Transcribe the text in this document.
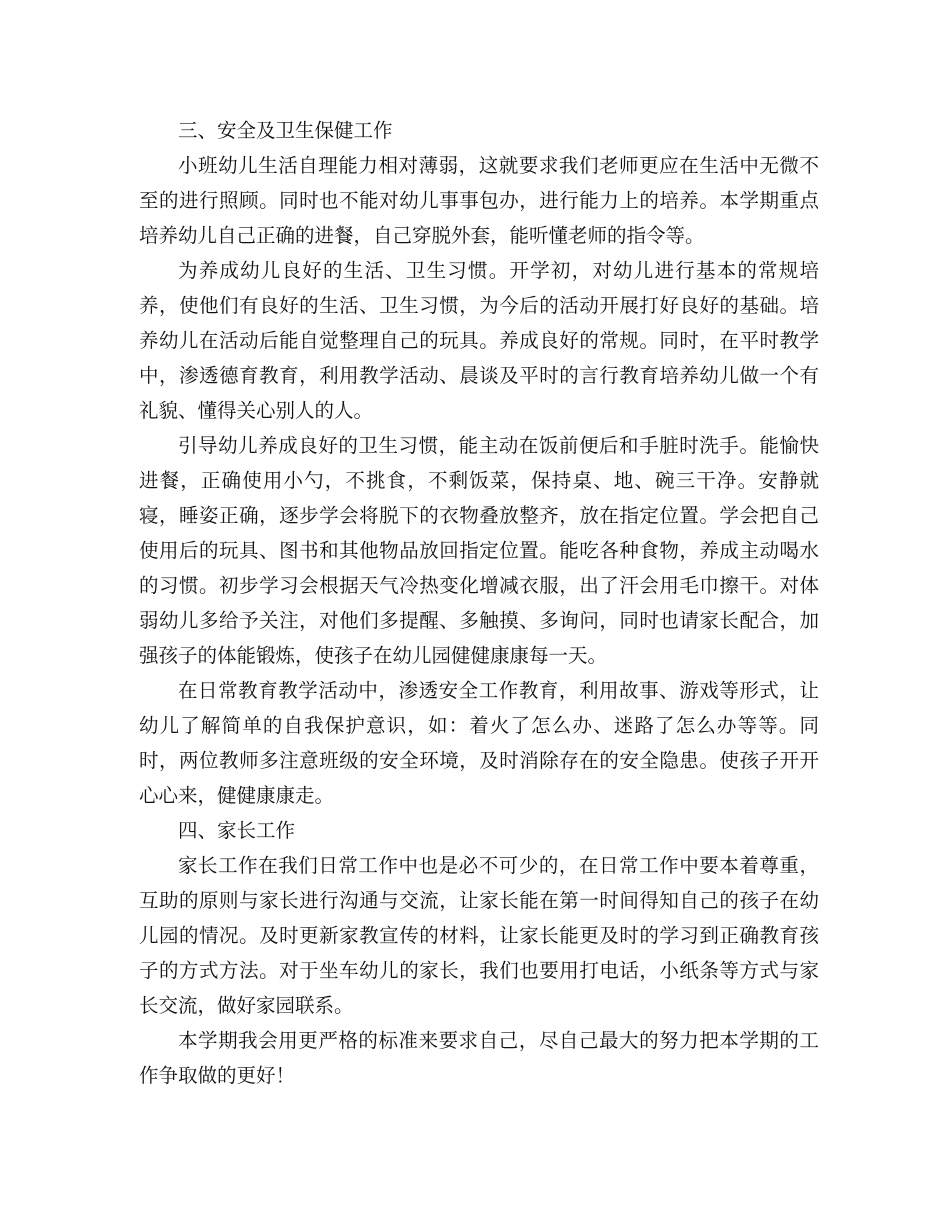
三、安全及卫生保健工作

小班幼儿生活自理能力相对薄弱，这就要求我们老师更应在生活中无微不至的进行照顾。同时也不能对幼儿事事包办，进行能力上的培养。本学期重点培养幼儿自己正确的进餐，自己穿脱外套，能听懂老师的指令等。

为养成幼儿良好的生活、卫生习惯。开学初，对幼儿进行基本的常规培养，使他们有良好的生活、卫生习惯，为今后的活动开展打好良好的基础。培养幼儿在活动后能自觉整理自己的玩具。养成良好的常规。同时，在平时教学中，渗透德育教育，利用教学活动、晨谈及平时的言行教育培养幼儿做一个有礼貌、懂得关心别人的人。

引导幼儿养成良好的卫生习惯，能主动在饭前便后和手脏时洗手。能愉快进餐，正确使用小勺，不挑食，不剩饭菜，保持桌、地、碗三干净。安静就寝，睡姿正确，逐步学会将脱下的衣物叠放整齐，放在指定位置。学会把自己使用后的玩具、图书和其他物品放回指定位置。能吃各种食物，养成主动喝水的习惯。初步学习会根据天气冷热变化增减衣服，出了汗会用毛巾擦干。对体弱幼儿多给予关注，对他们多提醒、多触摸、多询问，同时也请家长配合，加强孩子的体能锻炼，使孩子在幼儿园健健康康每一天。

在日常教育教学活动中，渗透安全工作教育，利用故事、游戏等形式，让幼儿了解简单的自我保护意识，如：着火了怎么办、迷路了怎么办等等。同时，两位教师多注意班级的安全环境，及时消除存在的安全隐患。使孩子开开心心来，健健康康走。

四、家长工作

家长工作在我们日常工作中也是必不可少的，在日常工作中要本着尊重，互助的原则与家长进行沟通与交流，让家长能在第一时间得知自己的孩子在幼儿园的情况。及时更新家教宣传的材料，让家长能更及时的学习到正确教育孩子的方式方法。对于坐车幼儿的家长，我们也要用打电话，小纸条等方式与家长交流，做好家园联系。

本学期我会用更严格的标准来要求自己，尽自己最大的努力把本学期的工作争取做的更好！
